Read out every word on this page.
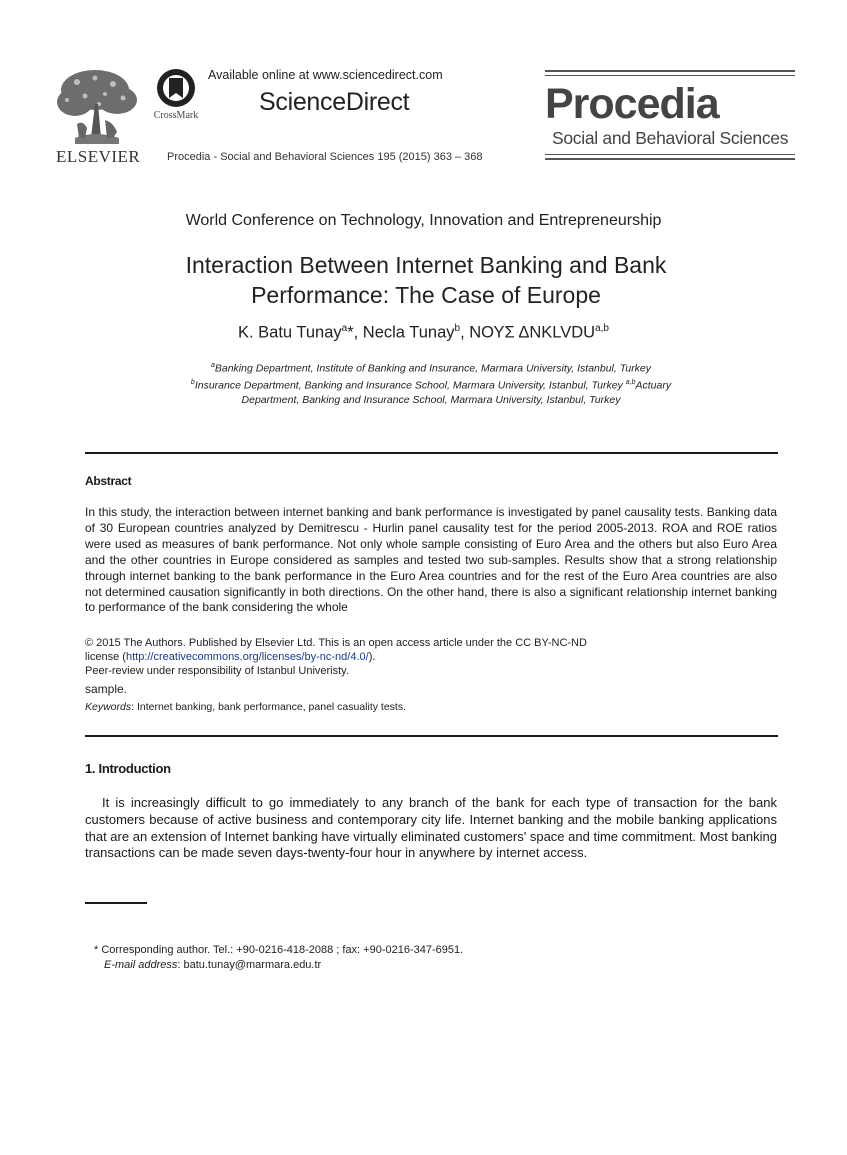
ELSEVIER
CrossMark
Available online at www.sciencedirect.com
ScienceDirect
Procedia - Social and Behavioral Sciences 195 (2015) 363 – 368
Procedia
Social and Behavioral Sciences
World Conference on Technology, Innovation and Entrepreneurship
Interaction Between Internet Banking and Bank
Performance: The Case of Europe
K. Batu Tunay$^a$*, Necla Tunay$^b$, ΝΟΥΣ ΔΝΚLVDU$^{a,b}$
$^a$Banking Department, Institute of Banking and Insurance, Marmara University, Istanbul, Turkey $^b$Insurance Department, Banking and Insurance School, Marmara University, Istanbul, Turkey $^{a,b}$Actuary Department, Banking and Insurance School, Marmara University, Istanbul, Turkey
Abstract

In this study, the interaction between internet banking and bank performance is investigated by panel causality tests. Banking data of 30 European countries analyzed by Demitrescu - Hurlin panel causality test for the period 2005-2013. ROA and ROE ratios were used as measures of bank performance. Not only whole sample consisting of Euro Area and the others but also Euro Area and the other countries in Europe considered as samples and tested two sub-samples. Results show that a strong relationship through internet banking to the bank performance in the Euro Area countries and for the rest of the Euro Area countries are also not determined causation significantly in both directions. On the other hand, there is also a significant relationship internet banking to performance of the bank considering the whole

© 2015 The Authors. Published by Elsevier Ltd. This is an open access article under the CC BY-NC-ND
license (http://creativecommons.org/licenses/by-nc-nd/4.0/).
Peer-review under responsibility of Istanbul Univeristy.
sample.
Keywords: Internet banking, bank performance, panel casuality tests.
1. Introduction

It is increasingly difficult to go immediately to any branch of the bank for each type of transaction for the bank customers because of active business and contemporary city life. Internet banking and the mobile banking applications that are an extension of Internet banking have virtually eliminated customers' space and time commitment. Most banking transactions can be made seven days-twenty-four hour in anywhere by internet access.

* Corresponding author. Tel.: +90-0216-418-2088 ; fax: +90-0216-347-6951.
E-mail address: batu.tunay@marmara.edu.tr
